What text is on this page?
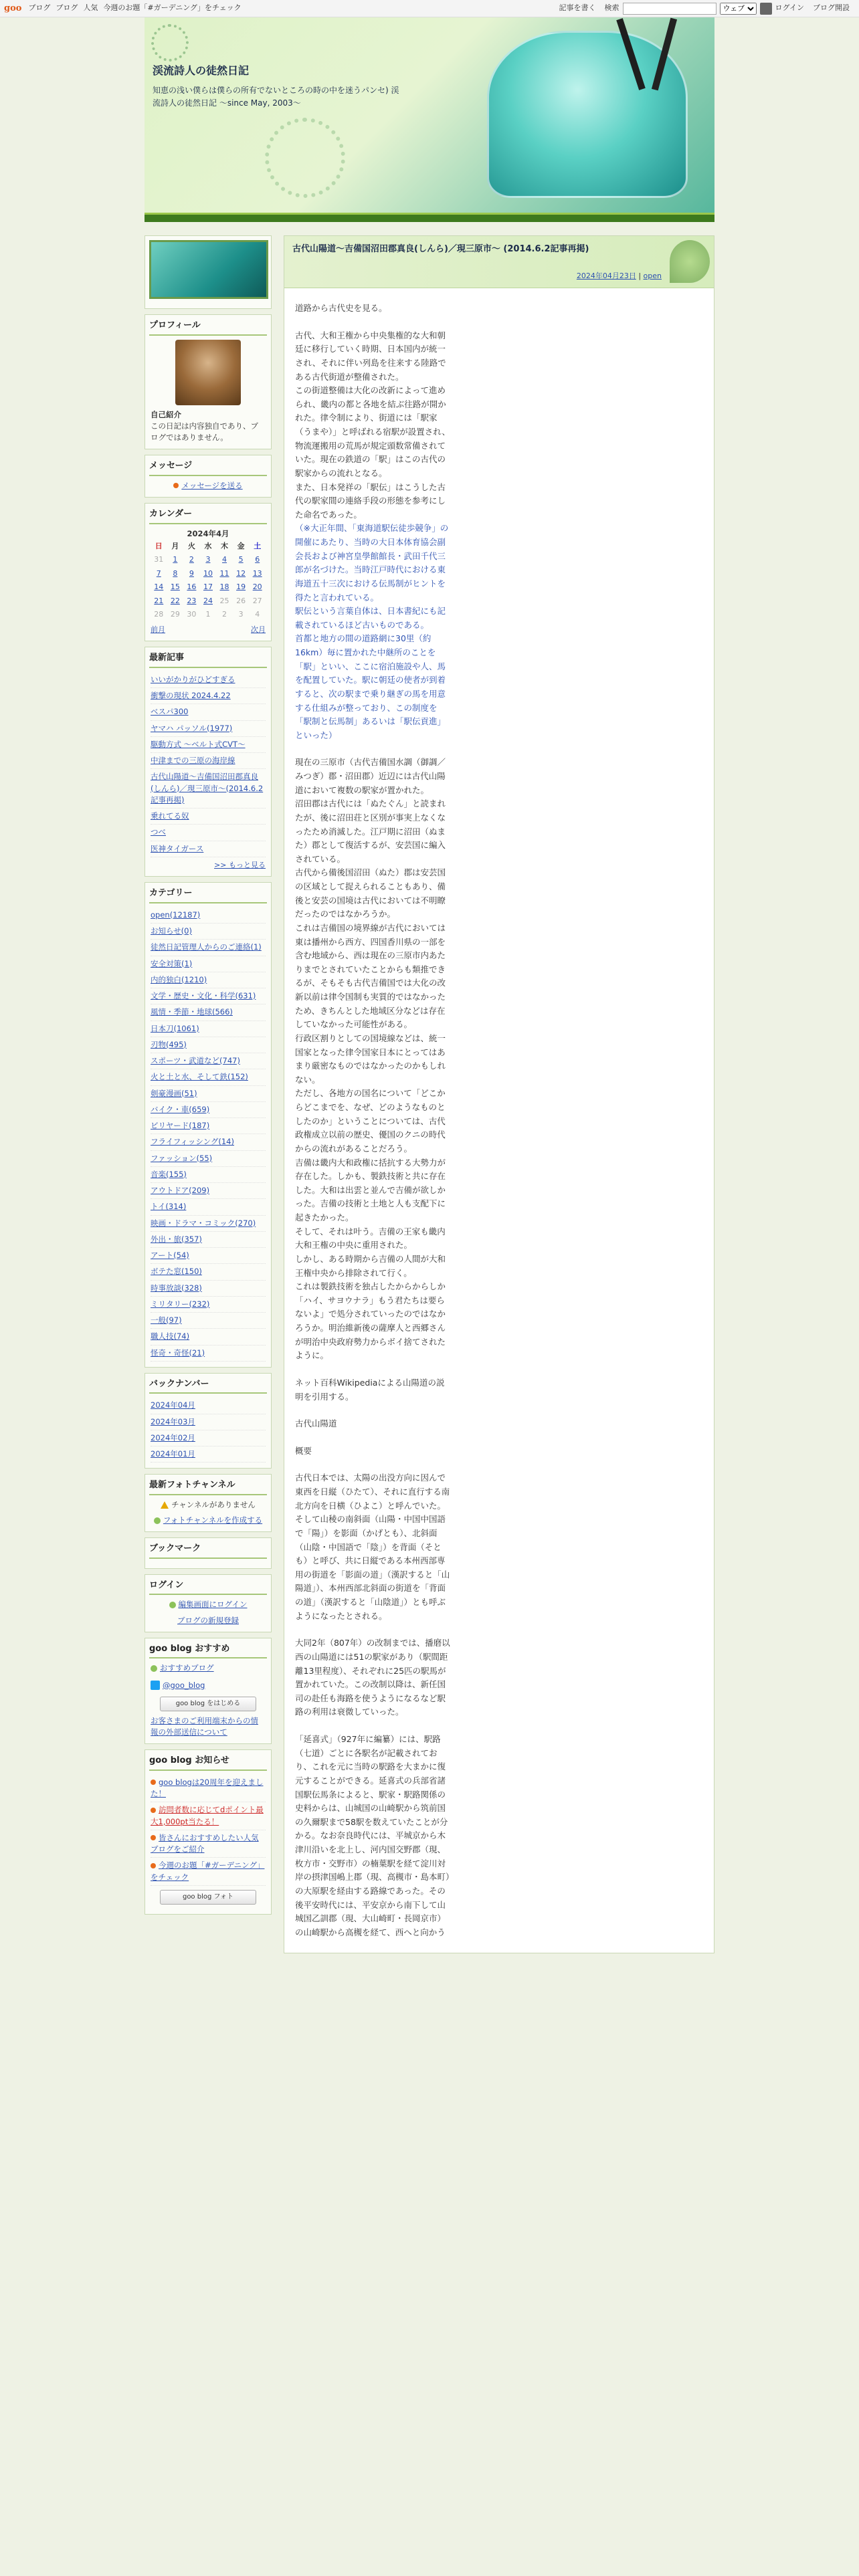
goo ブログ ブログ 人気 今週のお題「#ガーデニング」をチェック	記事を書く 検索
ウェブ	ログイン ブログ開設
渓流詩人の徒然日記
知恵の浅い僕らは僕らの所有でないところの時の中を迷うパンセ) 渓流詩人の徒然日記 ～since May, 2003～
プロフィール
自己紹介
この日記は内容独自であり、ブログではありません。
メッセージ
メッセージを送る
カレンダー
2024年4月
日	月	火	水	木	金	土
31	1	2	3	4	5	6
7	8	9	10	11	12	13
14	15	16	17	18	19	20
21	22	23	24	25	26	27
28	29	30	1	2	3	4
前月	次月
最新記事
いいがかりがひどすぎる
衝撃の現状 2024.4.22
ベスパ300
ヤマハ パッソル(1977)
駆動方式 ～ベルト式CVT～
中津までの三原の海岸線
古代山陽道～吉備国沼田郡真良(しんら)／現三原市～(2014.6.2記事再掲)
乗れてる奴
つべ
医神タイガース
>> もっと見る
カテゴリー
open(12187)
お知らせ(0)
徒然日記管理人からのご連絡(1)
安全対策(1)
内的独白(1210)
文学・歴史・文化・科学(631)
風情・季節・地球(566)
日本刀(1061)
刃物(495)
スポーツ・武道など(747)
火と土と水、そして鉄(152)
剣豪漫画(51)
バイク・車(659)
ビリヤード(187)
フライフィッシング(14)
ファッション(55)
音楽(155)
アウトドア(209)
トイ(314)
映画・ドラマ・コミック(270)
外出・旅(357)
アート(54)
ボテた窓(150)
時事放談(328)
ミリタリー(232)
一般(97)
職人技(74)
怪奇・奇怪(21)
バックナンバー
2024年04月
2024年03月
2024年02月
2024年01月
最新フォトチャンネル
チャンネルがありません
フォトチャンネルを作成する
ブックマーク
ログイン
編集画面にログイン
ブログの新規登録
goo blog おすすめ
おすすめブログ
@goo_blog
goo blog をはじめる
お客さまのご利用端末からの情報の外部送信について
goo blog お知らせ
goo blogは20周年を迎えました！
訪問者数に応じてdポイント最大1,000pt当たる！
皆さんにおすすめしたい人気ブログをご紹介
今週のお題「#ガーデニング」をチェック
goo blog フォト
古代山陽道～吉備国沼田郡真良(しんら)／現三原市～ (2014.6.2記事再掲)
2024年04月23日 | open

道路から古代史を見る。

古代、大和王権から中央集権的な大和朝廷に移行していく時期、日本国内が統一され、それに伴い列島を往来する陸路である古代街道が整備された。
この街道整備は大化の改新によって進められ、畿内の都と各地を結ぶ往路が開かれた。律令制により、街道には「駅家（うまや）」と呼ばれる宿駅が設置され、物流運搬用の荒馬が規定頭数常備されていた。現在の鉄道の「駅」はこの古代の駅家からの流れとなる。
また、日本発祥の「駅伝」はこうした古代の駅家間の連絡手段の形態を参考にした命名であった。

（※大正年間、「東海道駅伝徒歩競争」の開催にあたり、当時の大日本体育協会副会長および神宮皇學館館長・武田千代三郎が名づけた。当時江戸時代における東海道五十三次における伝馬制がヒントを得たと言われている。
駅伝という言葉自体は、日本書紀にも記載されているほど古いものである。
首都と地方の間の道路網に30里（約16km）毎に置かれた中継所のことを「駅」といい、ここに宿泊施設や人、馬を配置していた。駅に朝廷の使者が到着すると、次の駅まで乗り継ぎの馬を用意する仕組みが整っており、この制度を「駅制と伝馬制」あるいは「駅伝貢進」といった）

現在の三原市（古代吉備国水調（御調／みつぎ）郡・沼田郡）近辺には古代山陽道において複数の駅家が置かれた。
沼田郡は古代には「ぬたぐん」と読まれたが、後に沼田荘と区別が事実上なくなったため消滅した。江戸期に沼田（ぬまた）郡として復活するが、安芸国に編入されている。
古代から備後国沼田（ぬた）郡は安芸国の区域として捉えられることもあり、備後と安芸の国境は古代においては不明瞭だったのではなかろうか。
これは吉備国の境界線が古代においては東は播州から西方、四国香川県の一部を含む地域から、西は現在の三原市内あたりまでとされていたことからも類推できるが、そもそも古代吉備国では大化の改新以前は律令国制も実質的ではなかったため、きちんとした地域区分などは存在していなかった可能性がある。
行政区割りとしての国境線などは、統一国家となった律令国家日本にとってはあまり厳密なものではなかったのかもしれない。
ただし、各地方の国名について「どこからどこまでを、なぜ、どのようなものとしたのか」ということについては、古代政権成立以前の歴史、優国のクニの時代からの流れがあることだろう。
吉備は畿内大和政権に括抗する大勢力が存在した。しかも、製鉄技術と共に存在した。大和は出雲と並んで吉備が欲しかった。吉備の技術と土地と人も支配下に起きたかった。
そして、それは叶う。吉備の王家も畿内大和王権の中央に重用された。
しかし、ある時期から吉備の人間が大和王権中央から排除されて行く。
これは製鉄技術を独占したからからしか「ハイ、サヨウナラ」もう君たちは要らないよ」で処分されていったのではなかろうか。明治維新後の薩摩人と西郷さんが明治中央政府勢力からボイ捨てされたように。

ネット百科Wikipediaによる山陽道の説明を引用する。

古代山陽道

概要

古代日本では、太陽の出没方向に因んで東西を日縦（ひたて）、それに直行する南北方向を日横（ひよこ）と呼んでいた。そして山稜の南斜面（山陽・中国中国語で「陽」）を影面（かげとも）、北斜面（山陰・中国語で「陰」）を背面（そとも）と呼び、共に日縦である本州西部専用の街道を「影面の道」（漢訳すると「山陽道」）、本州西部北斜面の街道を「背面の道」（漢訳すると「山陰道」）とも呼ぶようになったとされる。

大同2年（807年）の改制までは、播磨以西の山陽道には51の駅家があり（駅間距離13里程度）、それぞれに25匹の駅馬が置かれていた。この改制以降は、新任国司の赴任も海路を使うようになるなど駅路の利用は衰微していった。

「延喜式」（927年に編纂）には、駅路（七道）ごとに各駅名が記載されており、これを元に当時の駅路を大まかに復元することができる。延喜式の兵部省諸国駅伝馬条によると、駅家・駅路関係の史料からは、山城国の山崎駅から筑前国の久爾駅まで58駅を数えていたことが分かる。なお奈良時代には、平城京から木津川沿いを北上し、河内国交野郡（現、枚方市・交野市）の楠葉駅を経て淀川対岸の摂津国嶋上郡（現、高槻市・島本町）の大原駅を経由する路線であった。その後平安時代には、平安京から南下して山城国乙訓郡（現、大山崎町・長岡京市）の山崎駅から高槻を経て、西へと向かう
